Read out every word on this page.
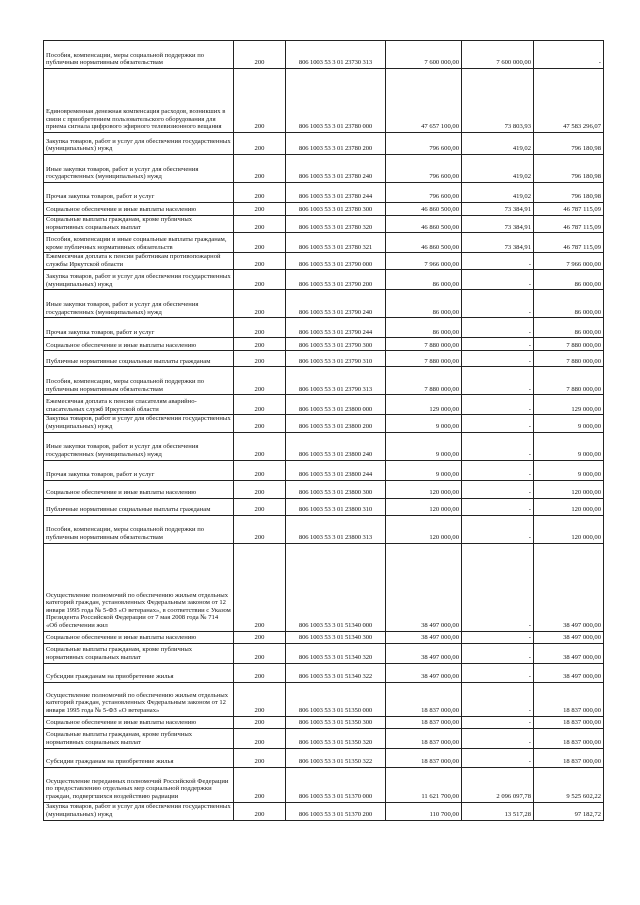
Пособия, компенсации, меры социальной поддержки по публичным нормативным обязательствам	200	806 1003 53 3 01 23730 313	7 600 000,00	7 600 000,00	-
Единовременная денежная компенсация расходов, возникших в связи с приобретением пользовательского оборудования для приема сигнала цифрового эфирного телевизионного вещания	200	806 1003 53 3 01 23780 000	47 657 100,00	73 803,93	47 583 296,07
Закупка товаров, работ и услуг для обеспечения государственных (муниципальных) нужд	200	806 1003 53 3 01 23780 200	796 600,00	419,02	796 180,98
Иные закупки товаров, работ и услуг для обеспечения государственных (муниципальных) нужд	200	806 1003 53 3 01 23780 240	796 600,00	419,02	796 180,98
Прочая закупка товаров, работ и услуг	200	806 1003 53 3 01 23780 244	796 600,00	419,02	796 180,98
Социальное обеспечение и иные выплаты населению	200	806 1003 53 3 01 23780 300	46 860 500,00	73 384,91	46 787 115,09
Социальные выплаты гражданам, кроме публичных нормативных социальных выплат	200	806 1003 53 3 01 23780 320	46 860 500,00	73 384,91	46 787 115,09
Пособия, компенсации и иные социальные выплаты гражданам, кроме публичных нормативных обязательств	200	806 1003 53 3 01 23780 321	46 860 500,00	73 384,91	46 787 115,09
Ежемесячная доплата к пенсии работникам противопожарной службы Иркутской области	200	806 1003 53 3 01 23790 000	7 966 000,00	-	7 966 000,00
Закупка товаров, работ и услуг для обеспечения государственных (муниципальных) нужд	200	806 1003 53 3 01 23790 200	86 000,00	-	86 000,00
Иные закупки товаров, работ и услуг для обеспечения государственных (муниципальных) нужд	200	806 1003 53 3 01 23790 240	86 000,00	-	86 000,00
Прочая закупка товаров, работ и услуг	200	806 1003 53 3 01 23790 244	86 000,00	-	86 000,00
Социальное обеспечение и иные выплаты населению	200	806 1003 53 3 01 23790 300	7 880 000,00	-	7 880 000,00
Публичные нормативные социальные выплаты гражданам	200	806 1003 53 3 01 23790 310	7 880 000,00	-	7 880 000,00
Пособия, компенсации, меры социальной поддержки по публичным нормативным обязательствам	200	806 1003 53 3 01 23790 313	7 880 000,00	-	7 880 000,00
Ежемесячная доплата к пенсии спасателям аварийно-спасательных служб Иркутской области	200	806 1003 53 3 01 23800 000	129 000,00	-	129 000,00
Закупка товаров, работ и услуг для обеспечения государственных (муниципальных) нужд	200	806 1003 53 3 01 23800 200	9 000,00	-	9 000,00
Иные закупки товаров, работ и услуг для обеспечения государственных (муниципальных) нужд	200	806 1003 53 3 01 23800 240	9 000,00	-	9 000,00
Прочая закупка товаров, работ и услуг	200	806 1003 53 3 01 23800 244	9 000,00	-	9 000,00
Социальное обеспечение и иные выплаты населению	200	806 1003 53 3 01 23800 300	120 000,00	-	120 000,00
Публичные нормативные социальные выплаты гражданам	200	806 1003 53 3 01 23800 310	120 000,00	-	120 000,00
Пособия, компенсации, меры социальной поддержки по публичным нормативным обязательствам	200	806 1003 53 3 01 23800 313	120 000,00	-	120 000,00
Осуществление полномочий по обеспечению жильем отдельных категорий граждан, установленных Федеральным законом от 12 января 1995 года № 5-ФЗ «О ветеранах», в соответствии с Указом Президента Российской Федерации от 7 мая 2008 года № 714 «Об обеспечении жил	200	806 1003 53 3 01 51340 000	38 497 000,00	-	38 497 000,00
Социальное обеспечение и иные выплаты населению	200	806 1003 53 3 01 51340 300	38 497 000,00	-	38 497 000,00
Социальные выплаты гражданам, кроме публичных нормативных социальных выплат	200	806 1003 53 3 01 51340 320	38 497 000,00	-	38 497 000,00
Субсидии гражданам на приобретение жилья	200	806 1003 53 3 01 51340 322	38 497 000,00	-	38 497 000,00
Осуществление полномочий по обеспечению жильем отдельных категорий граждан, установленных Федеральным законом от 12 января 1995 года № 5-ФЗ «О ветеранах»	200	806 1003 53 3 01 51350 000	18 837 000,00	-	18 837 000,00
Социальное обеспечение и иные выплаты населению	200	806 1003 53 3 01 51350 300	18 837 000,00	-	18 837 000,00
Социальные выплаты гражданам, кроме публичных нормативных социальных выплат	200	806 1003 53 3 01 51350 320	18 837 000,00	-	18 837 000,00
Субсидии гражданам на приобретение жилья	200	806 1003 53 3 01 51350 322	18 837 000,00	-	18 837 000,00
Осуществление переданных полномочий Российской Федерации по предоставлению отдельных мер социальной поддержки граждан, подвергшихся воздействию радиации	200	806 1003 53 3 01 51370 000	11 621 700,00	2 096 097,78	9 525 602,22
Закупка товаров, работ и услуг для обеспечения государственных (муниципальных) нужд	200	806 1003 53 3 01 51370 200	110 700,00	13 517,28	97 182,72
